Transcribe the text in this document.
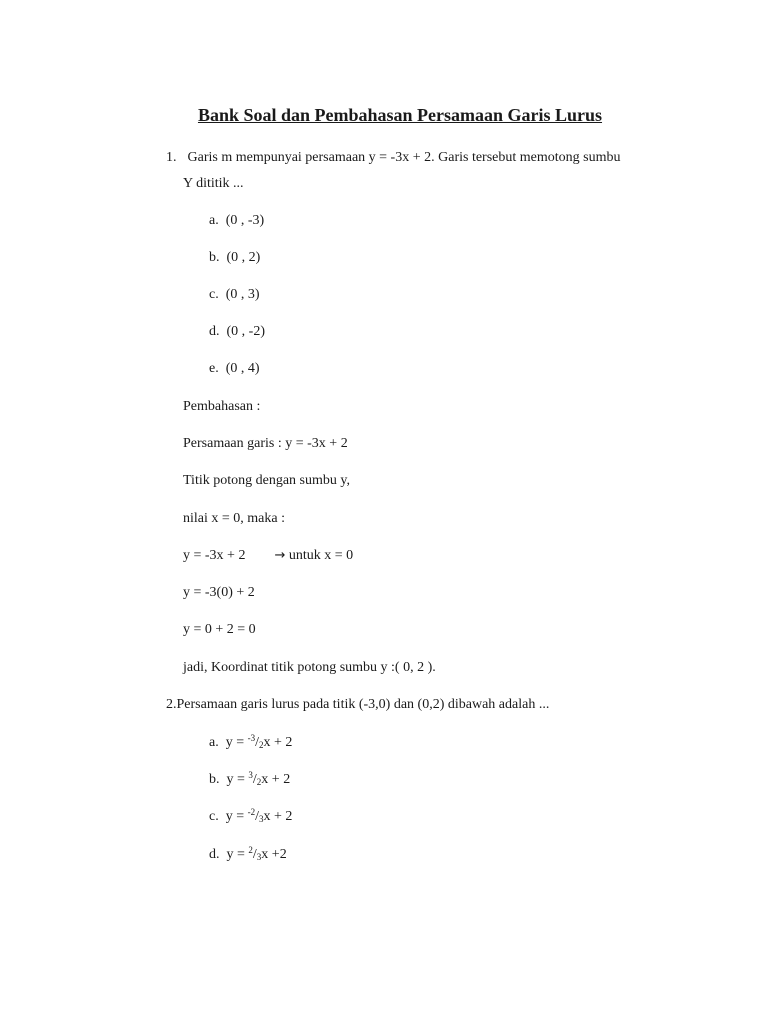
Bank Soal dan Pembahasan Persamaan Garis Lurus
1. Garis m mempunyai persamaan y = -3x + 2. Garis tersebut memotong sumbu
Y dititik ...
a. (0 , -3)
b. (0 , 2)
c. (0 , 3)
d. (0 , -2)
e. (0 , 4)
Pembahasan :
Persamaan garis : y = -3x + 2
Titik potong dengan sumbu y,
nilai x = 0, maka :
y = -3x + 2 → untuk x = 0
y = -3(0) + 2
y = 0 + 2 = 0
jadi, Koordinat titik potong sumbu y :( 0, 2 ).
2.Persamaan garis lurus pada titik (-3,0) dan (0,2) dibawah adalah ...
a. $y = ^{-3}/_2x + 2$
b. $y = ^3/_2x + 2$
c. $y = ^{-2}/_3x + 2$
d. $y = ^2/_3x +2$
